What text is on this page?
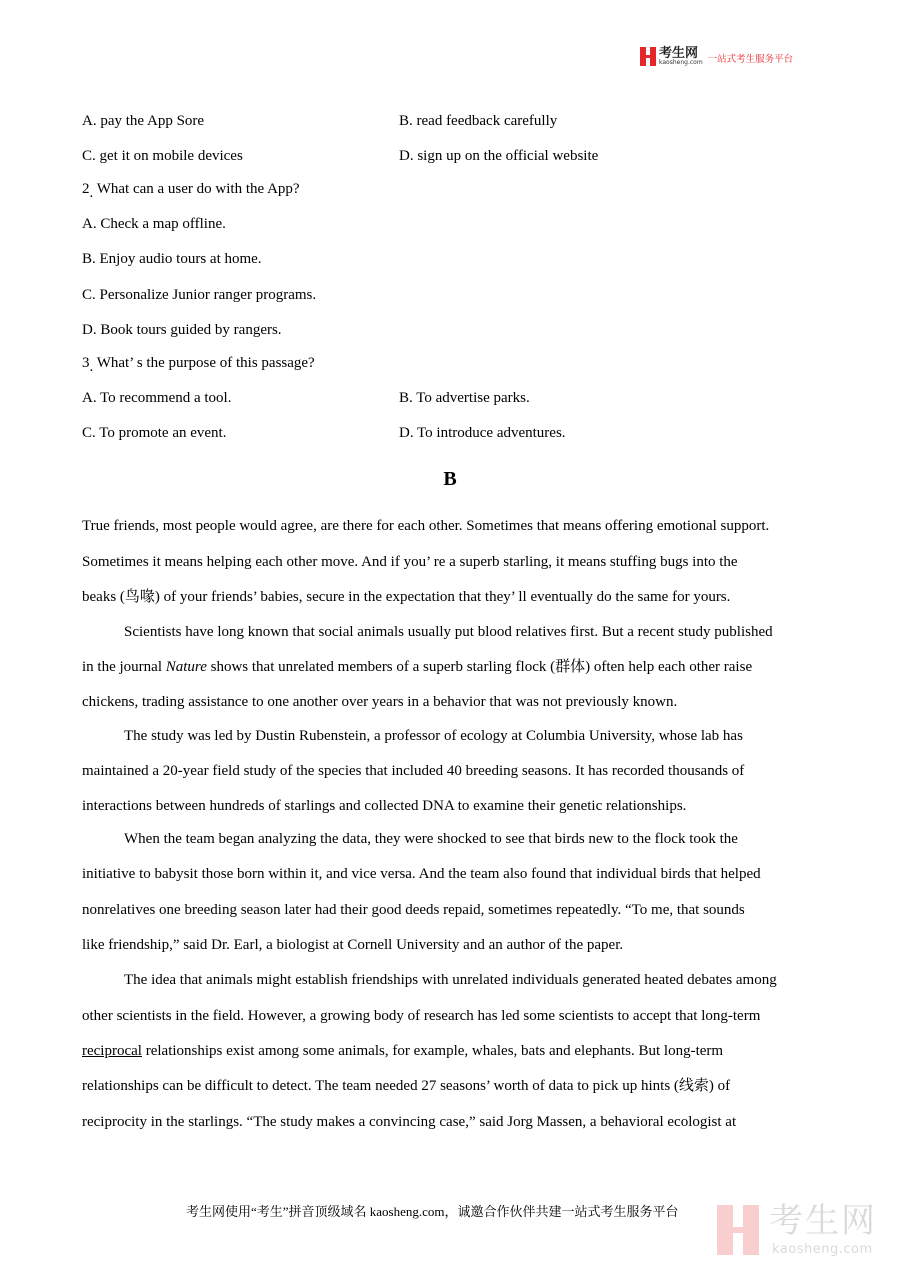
考生网
kaosheng.com 一站式考生服务平台
A. pay the App Sore	B. read feedback carefully
C. get it on mobile devices	D. sign up on the official website
2. What can a user do with the App?
A. Check a map offline.
B. Enjoy audio tours at home.
C. Personalize Junior ranger programs.
D. Book tours guided by rangers.
3. What’ s the purpose of this passage?
A. To recommend a tool.	B. To advertise parks.
C. To promote an event.	D. To introduce adventures.
B
True friends, most people would agree, are there for each other. Sometimes that means offering emotional support.
Sometimes it means helping each other move. And if you’ re a superb starling, it means stuffing bugs into the
beaks (鸟喙) of your friends’ babies, secure in the expectation that they’ ll eventually do the same for yours.
Scientists have long known that social animals usually put blood relatives first. But a recent study published
in the journal Nature shows that unrelated members of a superb starling flock (群体) often help each other raise
chickens, trading assistance to one another over years in a behavior that was not previously known.
The study was led by Dustin Rubenstein, a professor of ecology at Columbia University, whose lab has
maintained a 20-year field study of the species that included 40 breeding seasons. It has recorded thousands of
interactions between hundreds of starlings and collected DNA to examine their genetic relationships.
When the team began analyzing the data, they were shocked to see that birds new to the flock took the
initiative to babysit those born within it, and vice versa. And the team also found that individual birds that helped
nonrelatives one breeding season later had their good deeds repaid, sometimes repeatedly. “To me, that sounds
like friendship,” said Dr. Earl, a biologist at Cornell University and an author of the paper.
The idea that animals might establish friendships with unrelated individuals generated heated debates among
other scientists in the field. However, a growing body of research has led some scientists to accept that long-term
reciprocal relationships exist among some animals, for example, whales, bats and elephants. But long-term
relationships can be difficult to detect. The team needed 27 seasons’ worth of data to pick up hints (线索) of
reciprocity in the starlings. “The study makes a convincing case,” said Jorg Massen, a behavioral ecologist at
考生网使用“考生”拼音顶级域名 kaosheng.com，诚邀合作伙伴共建一站式考生服务平台	考生网
kaosheng.com
